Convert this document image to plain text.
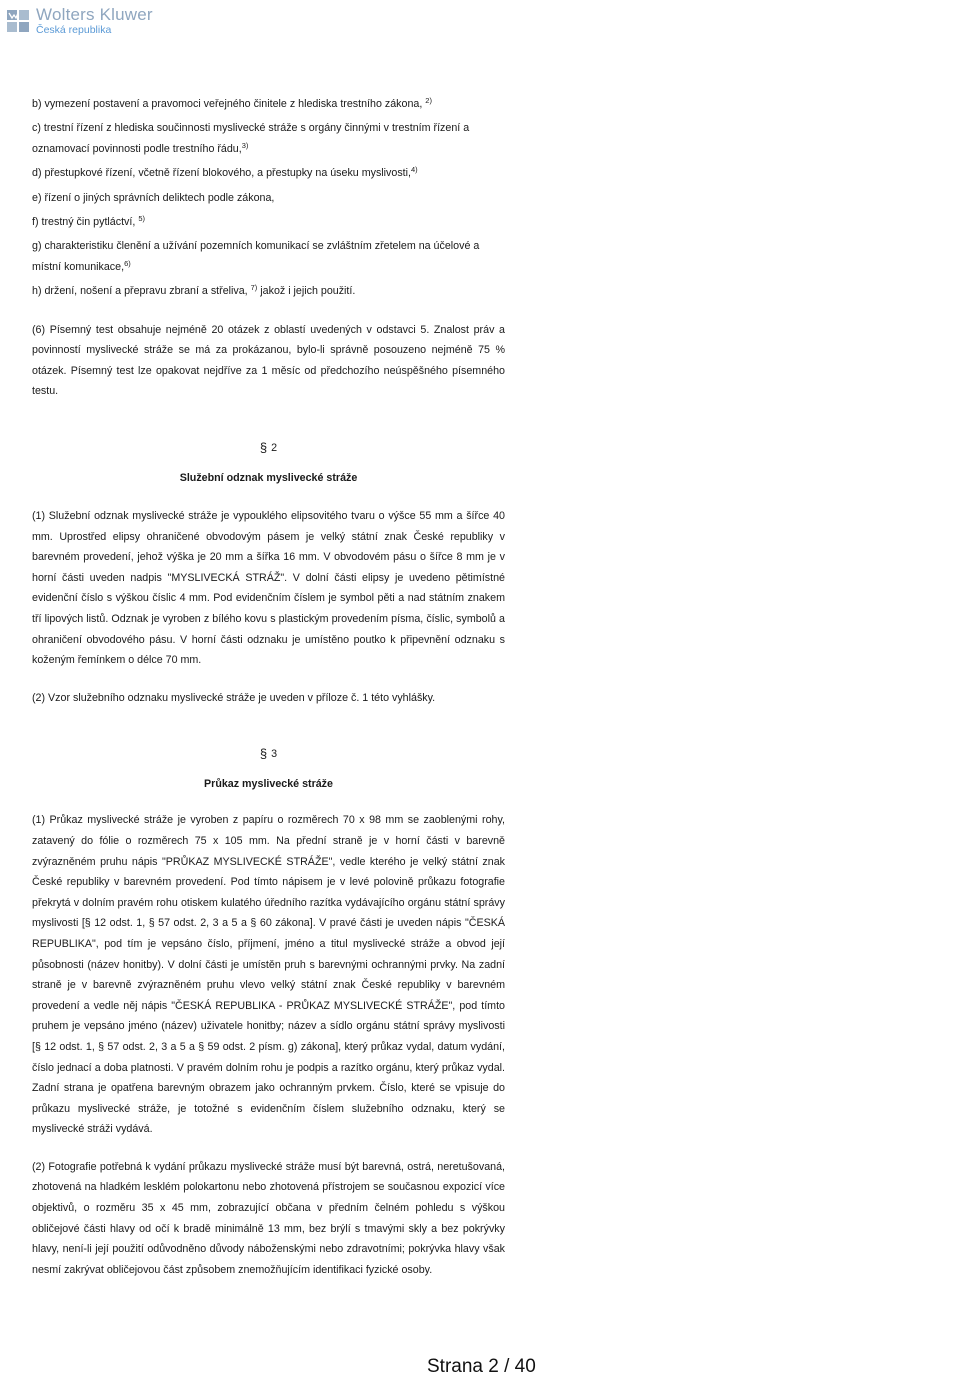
Wolters Kluwer
Česká republika

b) vymezení postavení a pravomoci veřejného činitele z hlediska trestního zákona, $^{2)}$

c) trestní řízení z hlediska součinnosti myslivecké stráže s orgány činnými v trestním řízení a
oznamovací povinnosti podle trestního řádu,$^{3)}$

d) přestupkové řízení, včetně řízení blokového, a přestupky na úseku myslivosti,$^{4)}$

e) řízení o jiných správních deliktech podle zákona,

f) trestný čin pytláctví, $^{5)}$

g) charakteristiku členění a užívání pozemních komunikací se zvláštním zřetelem na účelové a
místní komunikace,$^{6)}$

h) držení, nošení a přepravu zbraní a střeliva, $^{7)}$ jakož i jejich použití.

(6) Písemný test obsahuje nejméně 20 otázek z oblastí uvedených v odstavci 5. Znalost práv a povinností myslivecké stráže se má za prokázanou, bylo-li správně posouzeno nejméně 75 % otázek. Písemný test lze opakovat nejdříve za 1 měsíc od předchozího neúspěšného písemného testu.

§ 2

Služební odznak myslivecké stráže

(1) Služební odznak myslivecké stráže je vypouklého elipsovitého tvaru o výšce 55 mm a šířce 40 mm. Uprostřed elipsy ohraničené obvodovým pásem je velký státní znak České republiky v barevném provedení, jehož výška je 20 mm a šířka 16 mm. V obvodovém pásu o šířce 8 mm je v horní části uveden nadpis "MYSLIVECKÁ STRÁŽ". V dolní části elipsy je uvedeno pětimístné evidenční číslo s výškou číslic 4 mm. Pod evidenčním číslem je symbol pěti a nad státním znakem tří lipových listů. Odznak je vyroben z bílého kovu s plastickým provedením písma, číslic, symbolů a ohraničení obvodového pásu. V horní části odznaku je umístěno poutko k připevnění odznaku s koženým řemínkem o délce 70 mm.

(2) Vzor služebního odznaku myslivecké stráže je uveden v příloze č. 1 této vyhlášky.

§ 3

Průkaz myslivecké stráže

(1) Průkaz myslivecké stráže je vyroben z papíru o rozměrech 70 x 98 mm se zaoblenými rohy, zatavený do fólie o rozměrech 75 x 105 mm. Na přední straně je v horní části v barevně zvýrazněném pruhu nápis "PRŮKAZ MYSLIVECKÉ STRÁŽE", vedle kterého je velký státní znak České republiky v barevném provedení. Pod tímto nápisem je v levé polovině průkazu fotografie překrytá v dolním pravém rohu otiskem kulatého úředního razítka vydávajícího orgánu státní správy myslivosti [§ 12 odst. 1, § 57 odst. 2, 3 a 5 a § 60 zákona]. V pravé části je uveden nápis "ČESKÁ REPUBLIKA", pod tím je vepsáno číslo, příjmení, jméno a titul myslivecké stráže a obvod její působnosti (název honitby). V dolní části je umístěn pruh s barevnými ochrannými prvky. Na zadní straně je v barevně zvýrazněném pruhu vlevo velký státní znak České republiky v barevném provedení a vedle něj nápis "ČESKÁ REPUBLIKA - PRŮKAZ MYSLIVECKÉ STRÁŽE", pod tímto pruhem je vepsáno jméno (název) uživatele honitby; název a sídlo orgánu státní správy myslivosti [§ 12 odst. 1, § 57 odst. 2, 3 a 5 a § 59 odst. 2 písm. g) zákona], který průkaz vydal, datum vydání, číslo jednací a doba platnosti. V pravém dolním rohu je podpis a razítko orgánu, který průkaz vydal. Zadní strana je opatřena barevným obrazem jako ochranným prvkem. Číslo, které se vpisuje do průkazu myslivecké stráže, je totožné s evidenčním číslem služebního odznaku, který se myslivecké stráži vydává.

(2) Fotografie potřebná k vydání průkazu myslivecké stráže musí být barevná, ostrá, neretušovaná, zhotovená na hladkém lesklém polokartonu nebo zhotovená přístrojem se současnou expozicí více objektivů, o rozměru 35 x 45 mm, zobrazující občana v předním čelném pohledu s výškou obličejové části hlavy od očí k bradě minimálně 13 mm, bez brýlí s tmavými skly a bez pokrývky hlavy, není-li její použití odůvodněno důvody náboženskými nebo zdravotními; pokrývka hlavy však nesmí zakrývat obličejovou část způsobem znemožňujícím identifikaci fyzické osoby.

Strana 2 / 40
